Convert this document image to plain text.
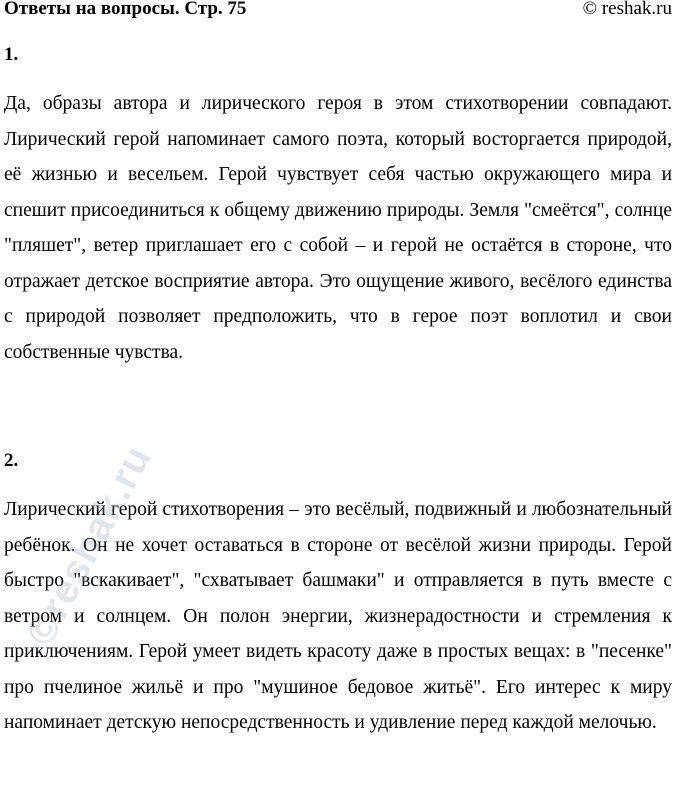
Ответы на вопросы. Стр. 75	© reshak.ru
1.

Да, образы автора и лирического героя в этом стихотворении совпадают. Лирический герой напоминает самого поэта, который восторгается природой, её жизнью и весельем. Герой чувствует себя частью окружающего мира и спешит присоединиться к общему движению природы. Земля "смеётся", солнце "пляшет", ветер приглашает его с собой – и герой не остаётся в стороне, что отражает детское восприятие автора. Это ощущение живого, весёлого единства с природой позволяет предположить, что в герое поэт воплотил и свои собственные чувства.

2.

Лирический герой стихотворения – это весёлый, подвижный и любознательный ребёнок. Он не хочет оставаться в стороне от весёлой жизни природы. Герой быстро "вскакивает", "схватывает башмаки" и отправляется в путь вместе с ветром и солнцем. Он полон энергии, жизнерадостности и стремления к приключениям. Герой умеет видеть красоту даже в простых вещах: в "песенке" про пчелиное жильё и про "мушиное бедовое житьё". Его интерес к миру напоминает детскую непосредственность и удивление перед каждой мелочью.

©reshak.ru
